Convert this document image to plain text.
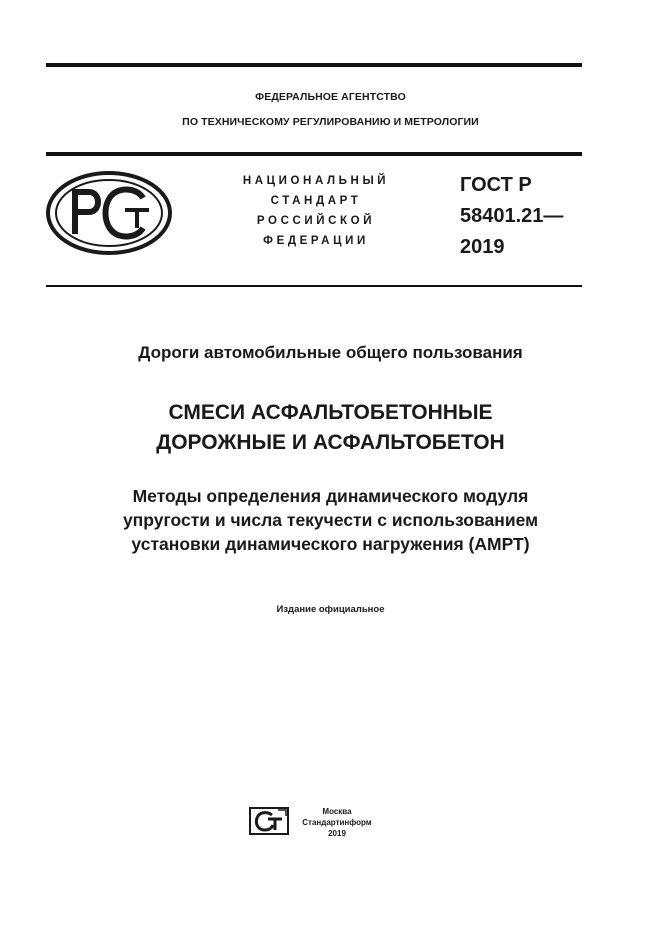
ФЕДЕРАЛЬНОЕ АГЕНТСТВО
ПО ТЕХНИЧЕСКОМУ РЕГУЛИРОВАНИЮ И МЕТРОЛОГИИ
НАЦИОНАЛЬНЫЙ
СТАНДАРТ
РОССИЙСКОЙ
ФЕДЕРАЦИИ
ГОСТ Р
58401.21—
2019
Дороги автомобильные общего пользования
СМЕСИ АСФАЛЬТОБЕТОННЫЕ
ДОРОЖНЫЕ И АСФАЛЬТОБЕТОН
Методы определения динамического модуля
упругости и числа текучести с использованием
установки динамического нагружения (АМРТ)
Издание официальное
Москва
Стандартинформ
2019
